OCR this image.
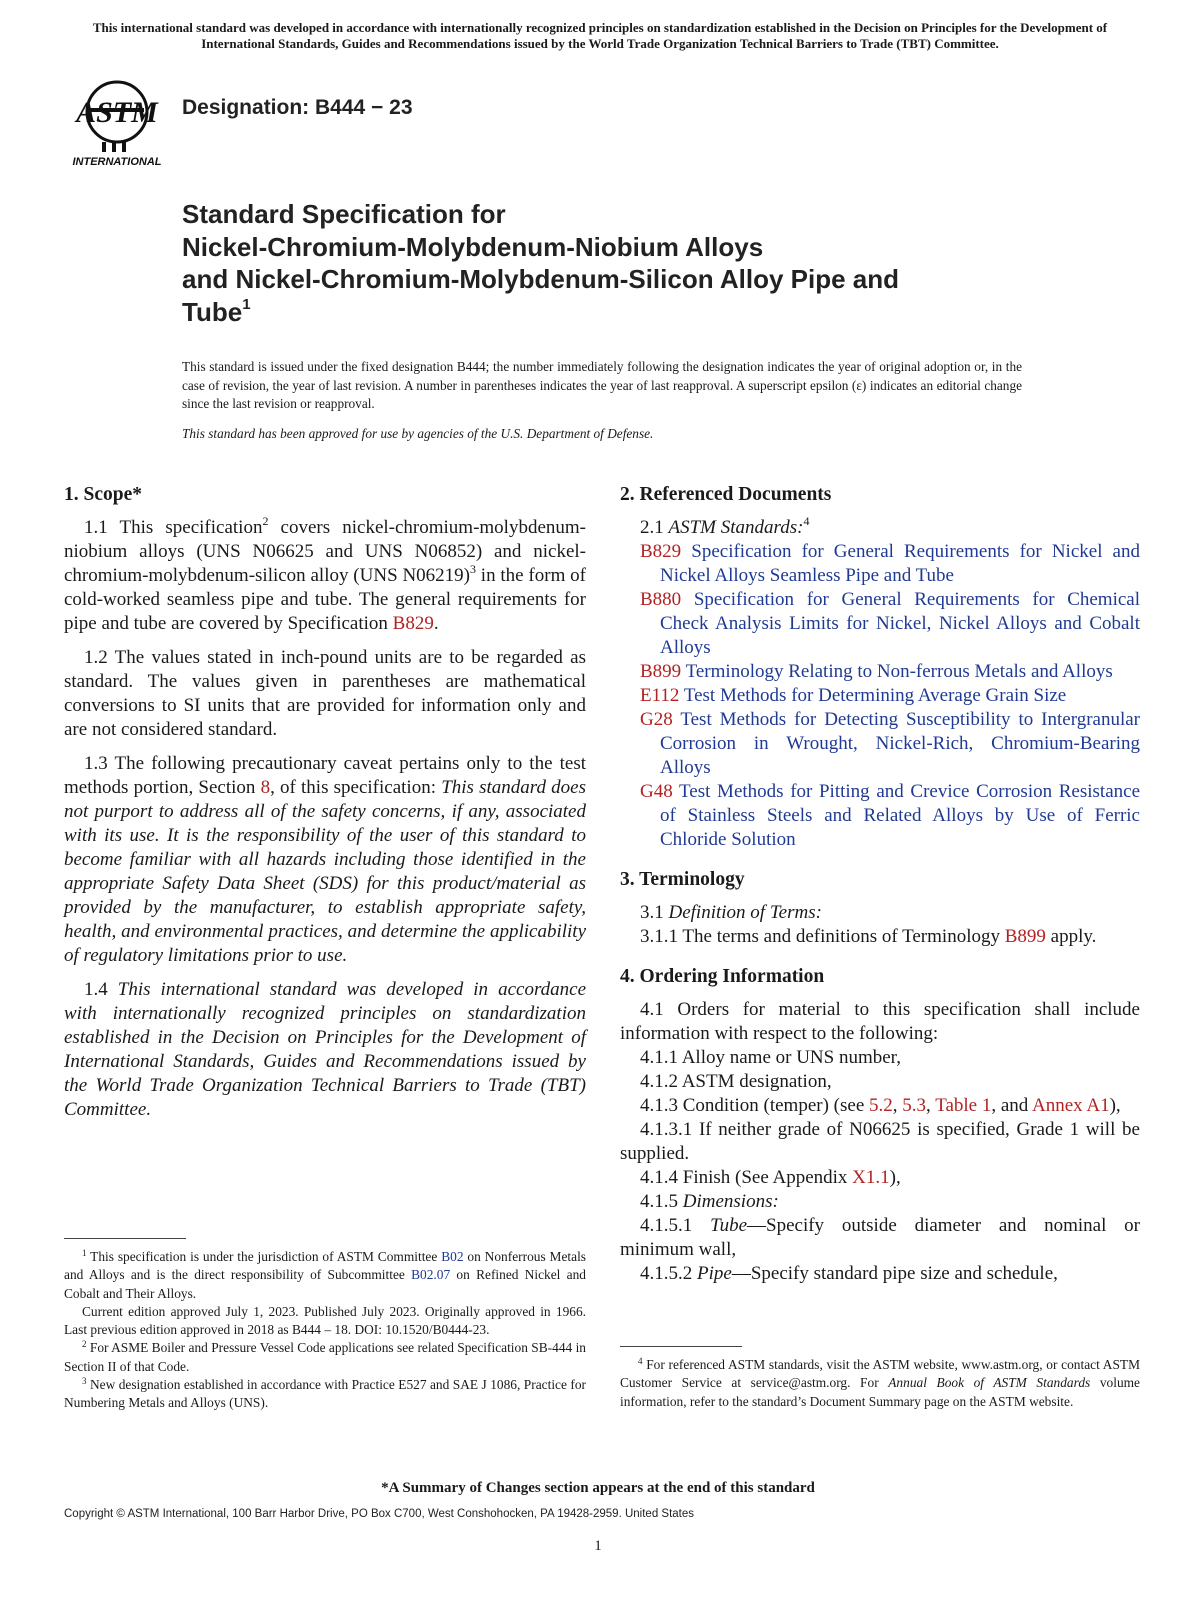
This international standard was developed in accordance with internationally recognized principles on standardization established in the Decision on Principles for the Development of International Standards, Guides and Recommendations issued by the World Trade Organization Technical Barriers to Trade (TBT) Committee.
ASTM
INTERNATIONAL
Designation: B444 − 23
Standard Specification for
Nickel-Chromium-Molybdenum-Niobium Alloys
and Nickel-Chromium-Molybdenum-Silicon Alloy Pipe and
Tube$^1$
This standard is issued under the fixed designation B444; the number immediately following the designation indicates the year of original adoption or, in the case of revision, the year of last revision. A number in parentheses indicates the year of last reapproval. A superscript epsilon (ε) indicates an editorial change since the last revision or reapproval.
This standard has been approved for use by agencies of the U.S. Department of Defense.
1. Scope*

1.1 This specification$^2$ covers nickel-chromium-molybdenum-niobium alloys (UNS N06625 and UNS N06852) and nickel-chromium-molybdenum-silicon alloy (UNS N06219)$^3$ in the form of cold-worked seamless pipe and tube. The general requirements for pipe and tube are covered by Specification B829.

1.2 The values stated in inch-pound units are to be regarded as standard. The values given in parentheses are mathematical conversions to SI units that are provided for information only and are not considered standard.

1.3 The following precautionary caveat pertains only to the test methods portion, Section 8, of this specification: This standard does not purport to address all of the safety concerns, if any, associated with its use. It is the responsibility of the user of this standard to become familiar with all hazards including those identified in the appropriate Safety Data Sheet (SDS) for this product/material as provided by the manufacturer, to establish appropriate safety, health, and environmental practices, and determine the applicability of regulatory limitations prior to use.

1.4 This international standard was developed in accordance with internationally recognized principles on standardization established in the Decision on Principles for the Development of International Standards, Guides and Recommendations issued by the World Trade Organization Technical Barriers to Trade (TBT) Committee.

$^1$ This specification is under the jurisdiction of ASTM Committee B02 on Nonferrous Metals and Alloys and is the direct responsibility of Subcommittee B02.07 on Refined Nickel and Cobalt and Their Alloys.

Current edition approved July 1, 2023. Published July 2023. Originally approved in 1966. Last previous edition approved in 2018 as B444 – 18. DOI: 10.1520/B0444-23.

$^2$ For ASME Boiler and Pressure Vessel Code applications see related Specification SB-444 in Section II of that Code.

$^3$ New designation established in accordance with Practice E527 and SAE J 1086, Practice for Numbering Metals and Alloys (UNS).

2. Referenced Documents

2.1 ASTM Standards:$^4$

B829 Specification for General Requirements for Nickel and Nickel Alloys Seamless Pipe and Tube

B880 Specification for General Requirements for Chemical Check Analysis Limits for Nickel, Nickel Alloys and Cobalt Alloys

B899 Terminology Relating to Non-ferrous Metals and Alloys

E112 Test Methods for Determining Average Grain Size

G28 Test Methods for Detecting Susceptibility to Intergranular Corrosion in Wrought, Nickel-Rich, Chromium-Bearing Alloys

G48 Test Methods for Pitting and Crevice Corrosion Resistance of Stainless Steels and Related Alloys by Use of Ferric Chloride Solution

3. Terminology

3.1 Definition of Terms:

3.1.1 The terms and definitions of Terminology B899 apply.

4. Ordering Information

4.1 Orders for material to this specification shall include information with respect to the following:

4.1.1 Alloy name or UNS number,

4.1.2 ASTM designation,

4.1.3 Condition (temper) (see 5.2, 5.3, Table 1, and Annex A1),

4.1.3.1 If neither grade of N06625 is specified, Grade 1 will be supplied.

4.1.4 Finish (See Appendix X1.1),

4.1.5 Dimensions:

4.1.5.1 Tube—Specify outside diameter and nominal or minimum wall,

4.1.5.2 Pipe—Specify standard pipe size and schedule,

$^4$ For referenced ASTM standards, visit the ASTM website, www.astm.org, or contact ASTM Customer Service at service@astm.org. For Annual Book of ASTM Standards volume information, refer to the standard’s Document Summary page on the ASTM website.

*A Summary of Changes section appears at the end of this standard
Copyright © ASTM International, 100 Barr Harbor Drive, PO Box C700, West Conshohocken, PA 19428-2959. United States
1
